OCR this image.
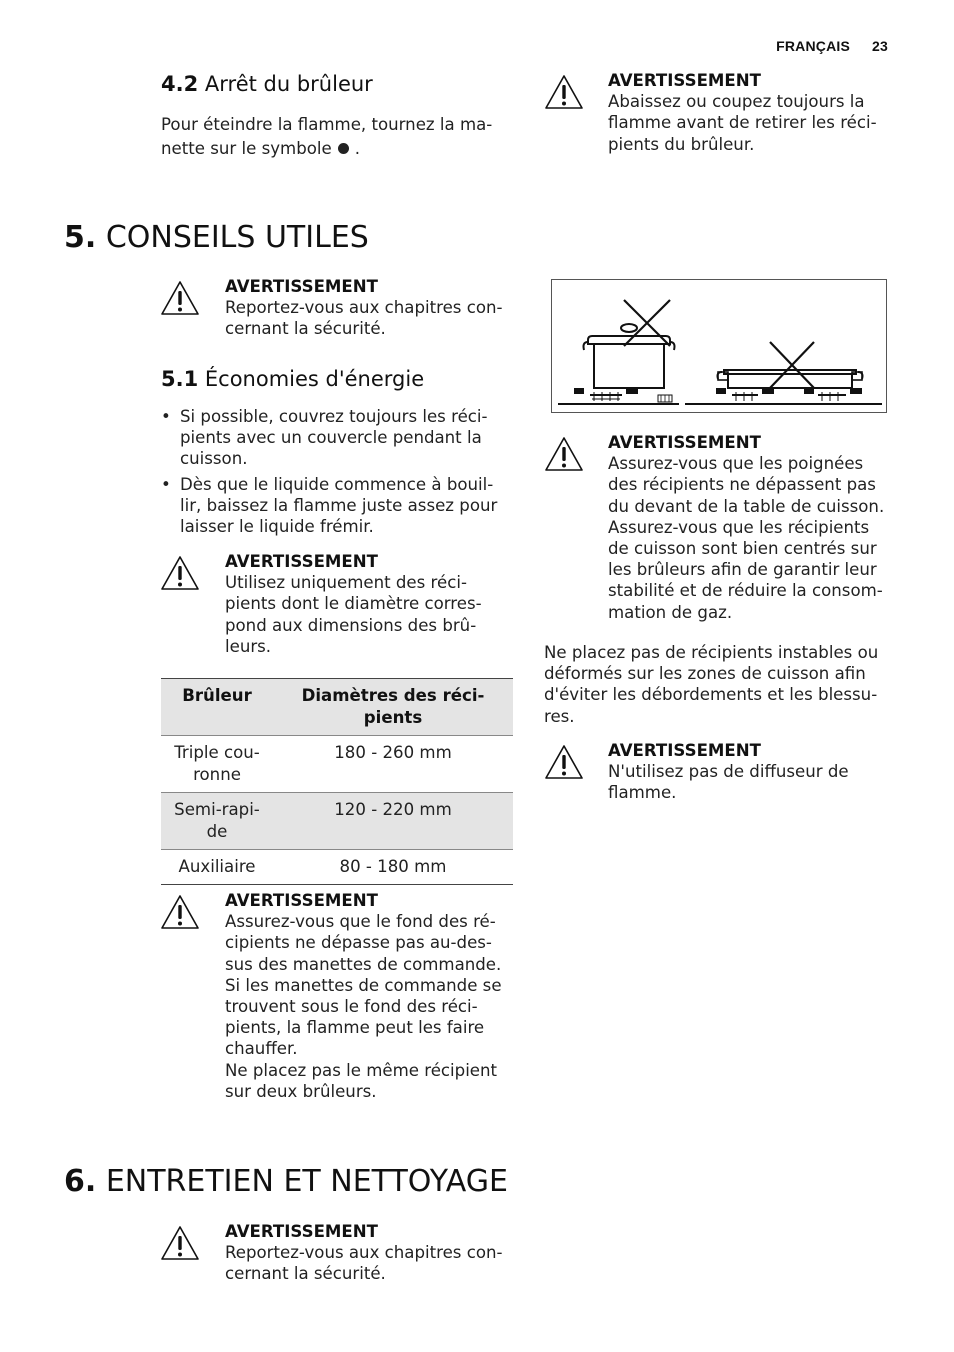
FRANÇAIS 23
4.2 Arrêt du brûleur
Pour éteindre la flamme, tournez la ma-
nette sur le symbole .
AVERTISSEMENT
Abaissez ou coupez toujours la
flamme avant de retirer les réci-
pients du brûleur.
5. CONSEILS UTILES
AVERTISSEMENT
Reportez-vous aux chapitres con-
cernant la sécurité.
5.1 Économies d'énergie
• Si possible, couvrez toujours les réci-
pients avec un couvercle pendant la
cuisson.
• Dès que le liquide commence à bouil-
lir, baissez la flamme juste assez pour
laisser le liquide frémir.
AVERTISSEMENT
Utilisez uniquement des réci-
pients dont le diamètre corres-
pond aux dimensions des brû-
leurs.
Brûleur	Diamètres des réci-
pients
Triple cou-
ronne	180 - 260 mm
Semi-rapi-
de	120 - 220 mm
Auxiliaire	80 - 180 mm
AVERTISSEMENT
Assurez-vous que le fond des ré-
cipients ne dépasse pas au-des-
sus des manettes de commande.
Si les manettes de commande se
trouvent sous le fond des réci-
pients, la flamme peut les faire
chauffer.
Ne placez pas le même récipient
sur deux brûleurs.
AVERTISSEMENT
Assurez-vous que les poignées
des récipients ne dépassent pas
du devant de la table de cuisson.
Assurez-vous que les récipients
de cuisson sont bien centrés sur
les brûleurs afin de garantir leur
stabilité et de réduire la consom-
mation de gaz.
Ne placez pas de récipients instables ou
déformés sur les zones de cuisson afin
d'éviter les débordements et les blessu-
res.
AVERTISSEMENT
N'utilisez pas de diffuseur de
flamme.
6. ENTRETIEN ET NETTOYAGE
AVERTISSEMENT
Reportez-vous aux chapitres con-
cernant la sécurité.
